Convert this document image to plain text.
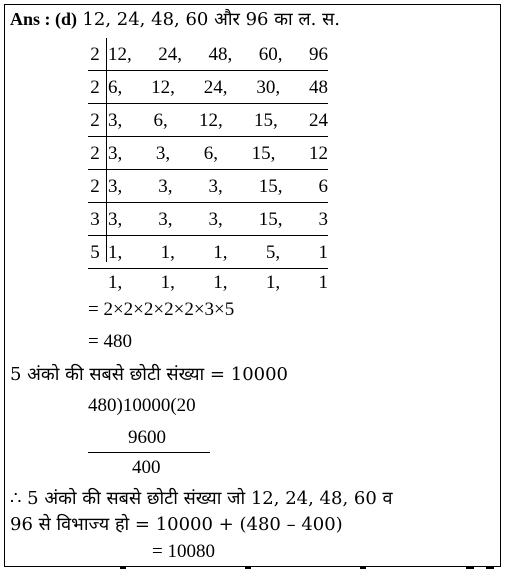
Ans : (d) 12, 24, 48, 60 और 96 का ल. स.
2 12, 24, 48, 60, 96
2 6, 12, 24, 30, 48
2 3, 6, 12, 15, 24
2 3, 3, 6, 15, 12
2 3, 3, 3, 15, 6
3 3, 3, 3, 15, 3
5 1, 1, 1, 5, 1
1, 1, 1, 1, 1
= 2×2×2×2×2×3×5
= 480
5 अंको की सबसे छोटी संख्या = 10000
480)10000(20
9600
400
∴ 5 अंको की सबसे छोटी संख्या जो 12, 24, 48, 60 व
96 से विभाज्य हो = 10000 + (480 – 400)
= 10080
